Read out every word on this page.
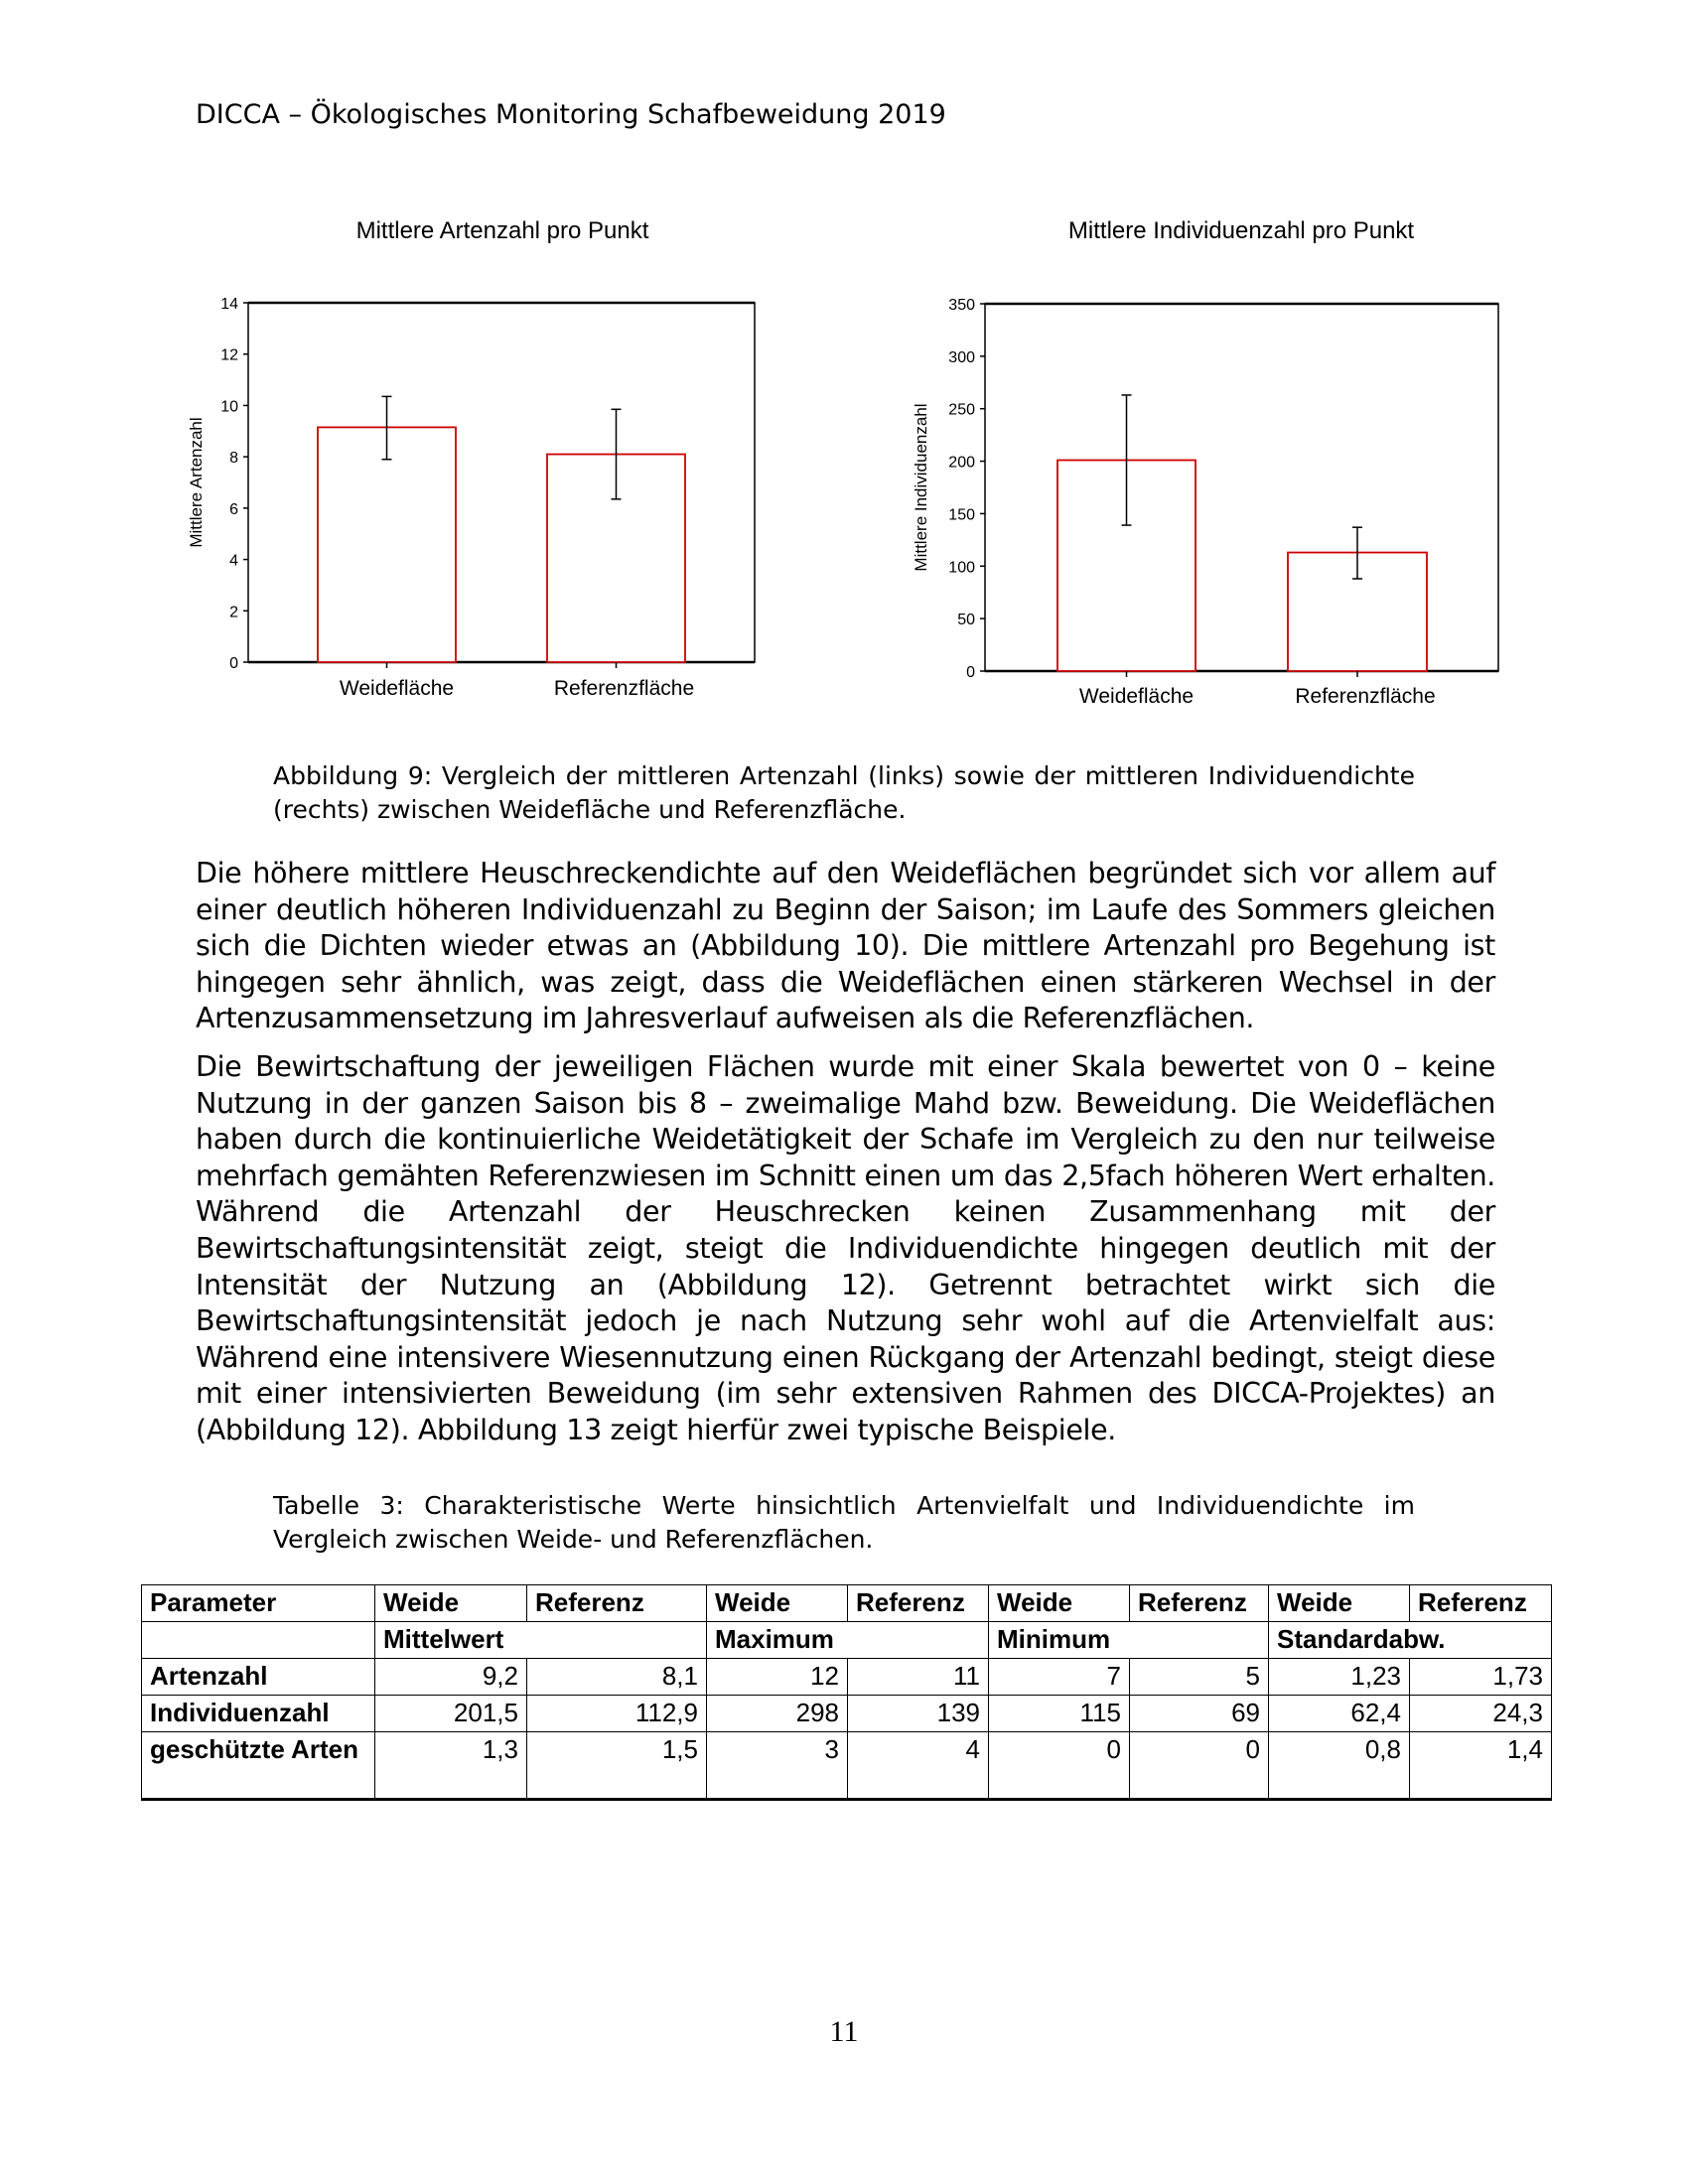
DICCA – Ökologisches Monitoring Schafbeweidung 2019
Mittlere Artenzahl pro Punkt
0
2
4
6
8
10
12
14
Mittlere Artenzahl
Weidefläche	Referenzfläche
Mittlere Individuenzahl pro Punkt
0
50
100
150
200
250
300
350
Mittlere Individuenzahl
Weidefläche	Referenzfläche
Abbildung 9: Vergleich der mittleren Artenzahl (links) sowie der mittleren Individuendichte (rechts) zwischen Weidefläche und Referenzfläche.

Die höhere mittlere Heuschreckendichte auf den Weideflächen begründet sich vor allem auf einer deutlich höheren Individuenzahl zu Beginn der Saison; im Laufe des Sommers gleichen sich die Dichten wieder etwas an (Abbildung 10). Die mittlere Artenzahl pro Begehung ist hingegen sehr ähnlich, was zeigt, dass die Weideflächen einen stärkeren Wechsel in der Artenzusammensetzung im Jahresverlauf aufweisen als die Referenzflächen.

Die Bewirtschaftung der jeweiligen Flächen wurde mit einer Skala bewertet von 0 – keine Nutzung in der ganzen Saison bis 8 – zweimalige Mahd bzw. Beweidung. Die Weideflächen haben durch die kontinuierliche Weidetätigkeit der Schafe im Vergleich zu den nur teilweise mehrfach gemähten Referenzwiesen im Schnitt einen um das 2,5fach höheren Wert erhalten. Während die Artenzahl der Heuschrecken keinen Zusammenhang mit der Bewirtschaftungsintensität zeigt, steigt die Individuendichte hingegen deutlich mit der Intensität der Nutzung an (Abbildung 12). Getrennt betrachtet wirkt sich die Bewirtschaftungsintensität jedoch je nach Nutzung sehr wohl auf die Artenvielfalt aus: Während eine intensivere Wiesennutzung einen Rückgang der Artenzahl bedingt, steigt diese mit einer intensivierten Beweidung (im sehr extensiven Rahmen des DICCA-Projektes) an (Abbildung 12). Abbildung 13 zeigt hierfür zwei typische Beispiele.

Tabelle 3: Charakteristische Werte hinsichtlich Artenvielfalt und Individuendichte im Vergleich zwischen Weide- und Referenzflächen.
Parameter	Weide	Referenz	Weide	Referenz	Weide	Referenz	Weide	Referenz
	Mittelwert		Maximum		Minimum		Standardabw.	
Artenzahl	9,2	8,1	12	11	7	5	1,23	1,73
Individuenzahl	201,5	112,9	298	139	115	69	62,4	24,3
geschützte Arten	1,3	1,5	3	4	0	0	0,8	1,4
11
